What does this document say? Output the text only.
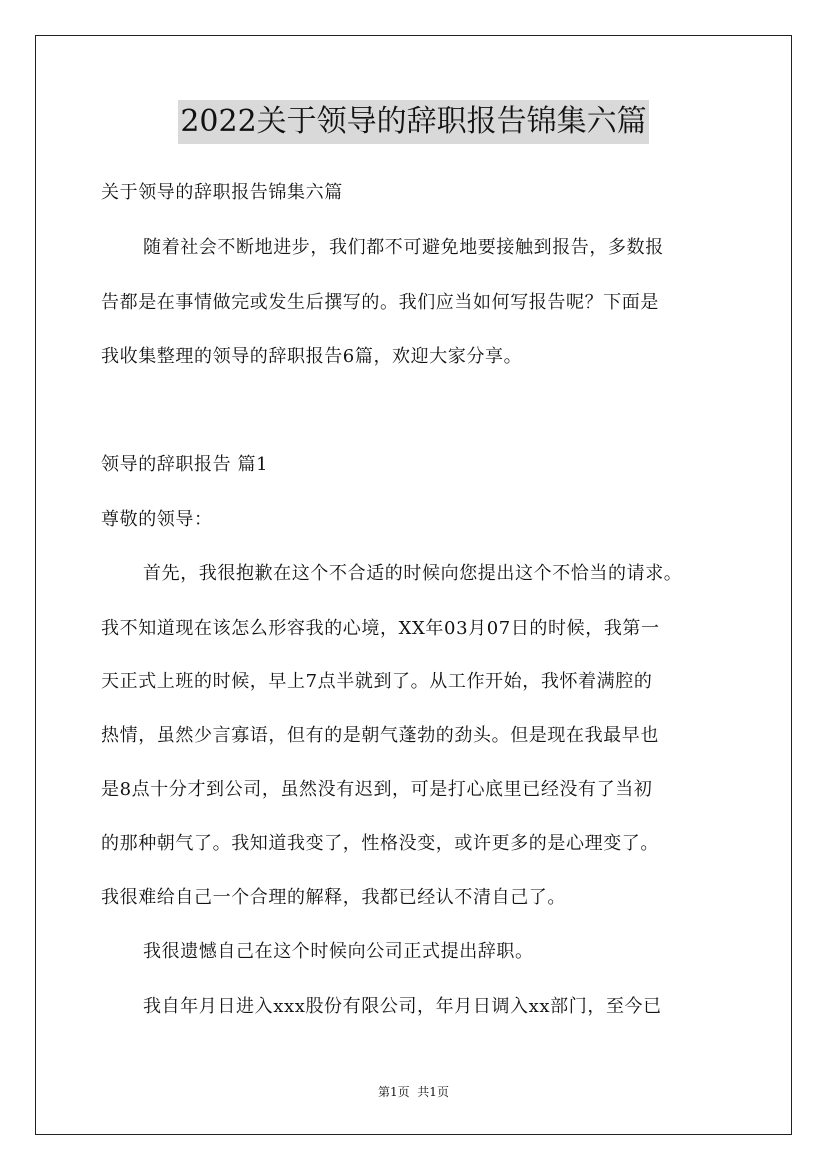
2022关于领导的辞职报告锦集六篇
关于领导的辞职报告锦集六篇
随着社会不断地进步，我们都不可避免地要接触到报告，多数报
告都是在事情做完或发生后撰写的。我们应当如何写报告呢？下面是
我收集整理的领导的辞职报告6篇，欢迎大家分享。
领导的辞职报告 篇1
尊敬的领导：
首先，我很抱歉在这个不合适的时候向您提出这个不恰当的请求。
我不知道现在该怎么形容我的心境，XX年03月07日的时候，我第一
天正式上班的时候，早上7点半就到了。从工作开始，我怀着满腔的
热情，虽然少言寡语，但有的是朝气蓬勃的劲头。但是现在我最早也
是8点十分才到公司，虽然没有迟到，可是打心底里已经没有了当初
的那种朝气了。我知道我变了，性格没变，或许更多的是心理变了。
我很难给自己一个合理的解释，我都已经认不清自己了。
我很遗憾自己在这个时候向公司正式提出辞职。
我自年月日进入xxx股份有限公司，年月日调入xx部门，至今已
第1页  共1页
